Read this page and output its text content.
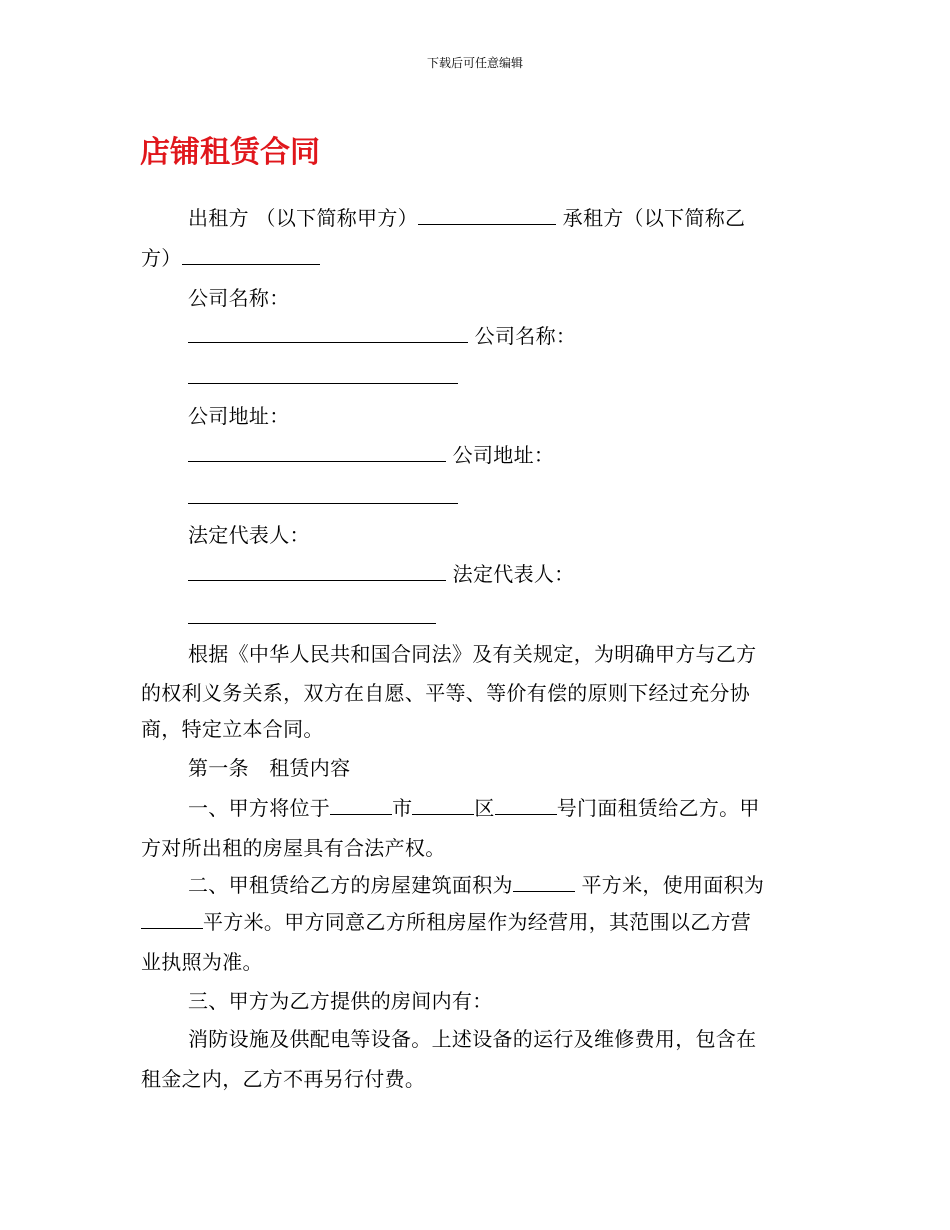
下载后可任意编辑
店铺租赁合同
出租方 （以下简称甲方）	承租方（以下简称乙
方）
公司名称：
公司名称：
公司地址：
公司地址：
法定代表人：
法定代表人：
根据《中华人民共和国合同法》及有关规定，为明确甲方与乙方
的权利义务关系，双方在自愿、平等、等价有偿的原则下经过充分协
商，特定立本合同。
第一条　租赁内容
一、甲方将位于	市	区	号门面租赁给乙方。甲
方对所出租的房屋具有合法产权。
二、甲租赁给乙方的房屋建筑面积为	平方米，使用面积为
平方米。甲方同意乙方所租房屋作为经营用，其范围以乙方营
业执照为准。
三、甲方为乙方提供的房间内有：
消防设施及供配电等设备。上述设备的运行及维修费用，包含在
租金之内，乙方不再另行付费。
